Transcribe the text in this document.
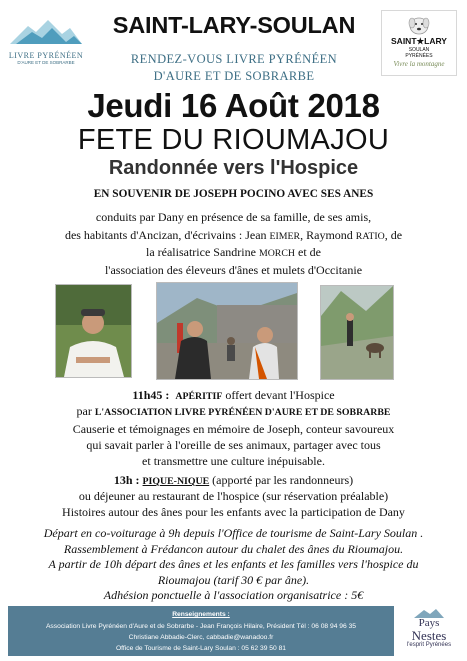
LIVRE PYRÉNÉEN
D'AURE ET DE SOBRARBE
SAINT-LARY-SOULAN
RENDEZ-VOUS LIVRE PYRÉNÉEN
D'AURE ET DE SOBRARBE
SAINT★LARY
SOULAN
PYRÉNÉES
Vivre la montagne
Jeudi 16 Août 2018
FETE DU RIOUMAJOU
Randonnée vers l'Hospice
EN SOUVENIR DE JOSEPH POCINO AVEC SES ANES
conduits par Dany en présence de sa famille, de ses amis,
des habitants d'Ancizan, d'écrivains : Jean EIMER, Raymond RATIO, de
la réalisatrice Sandrine MORCH et de
l'association des éleveurs d'ânes et mulets d'Occitanie
11h45 : APÉRITIF offert devant l'Hospice
par L'ASSOCIATION LIVRE PYRÉNÉEN D'AURE ET DE SOBRARBE
Causerie et témoignages en mémoire de Joseph, conteur savoureux
qui savait parler à l'oreille de ses animaux, partager avec tous
et transmettre une culture inépuisable.
13h : PIQUE-NIQUE (apporté par les randonneurs)
ou déjeuner au restaurant de l'hospice (sur réservation préalable)
Histoires autour des ânes pour les enfants avec la participation de Dany
Départ en co-voiturage à 9h depuis l'Office de tourisme de Saint-Lary Soulan .
Rassemblement à Frédancon autour du chalet des ânes du Rioumajou.
A partir de 10h départ des ânes et les enfants et les familles vers l'hospice du
Rioumajou (tarif 30 € par âne).
Adhésion ponctuelle à l'association organisatrice : 5€
Renseignements :
Association Livre Pyrénéen d'Aure et de Sobrarbe - Jean François Hilaire, Président Tél : 06 08 94 96 35
Christiane Abbadie-Clerc, cabbadie@wanadoo.fr
Office de Tourisme de Saint-Lary Soulan : 05 62 39 50 81
Pays
Nestes
l'esprit Pyrénées
